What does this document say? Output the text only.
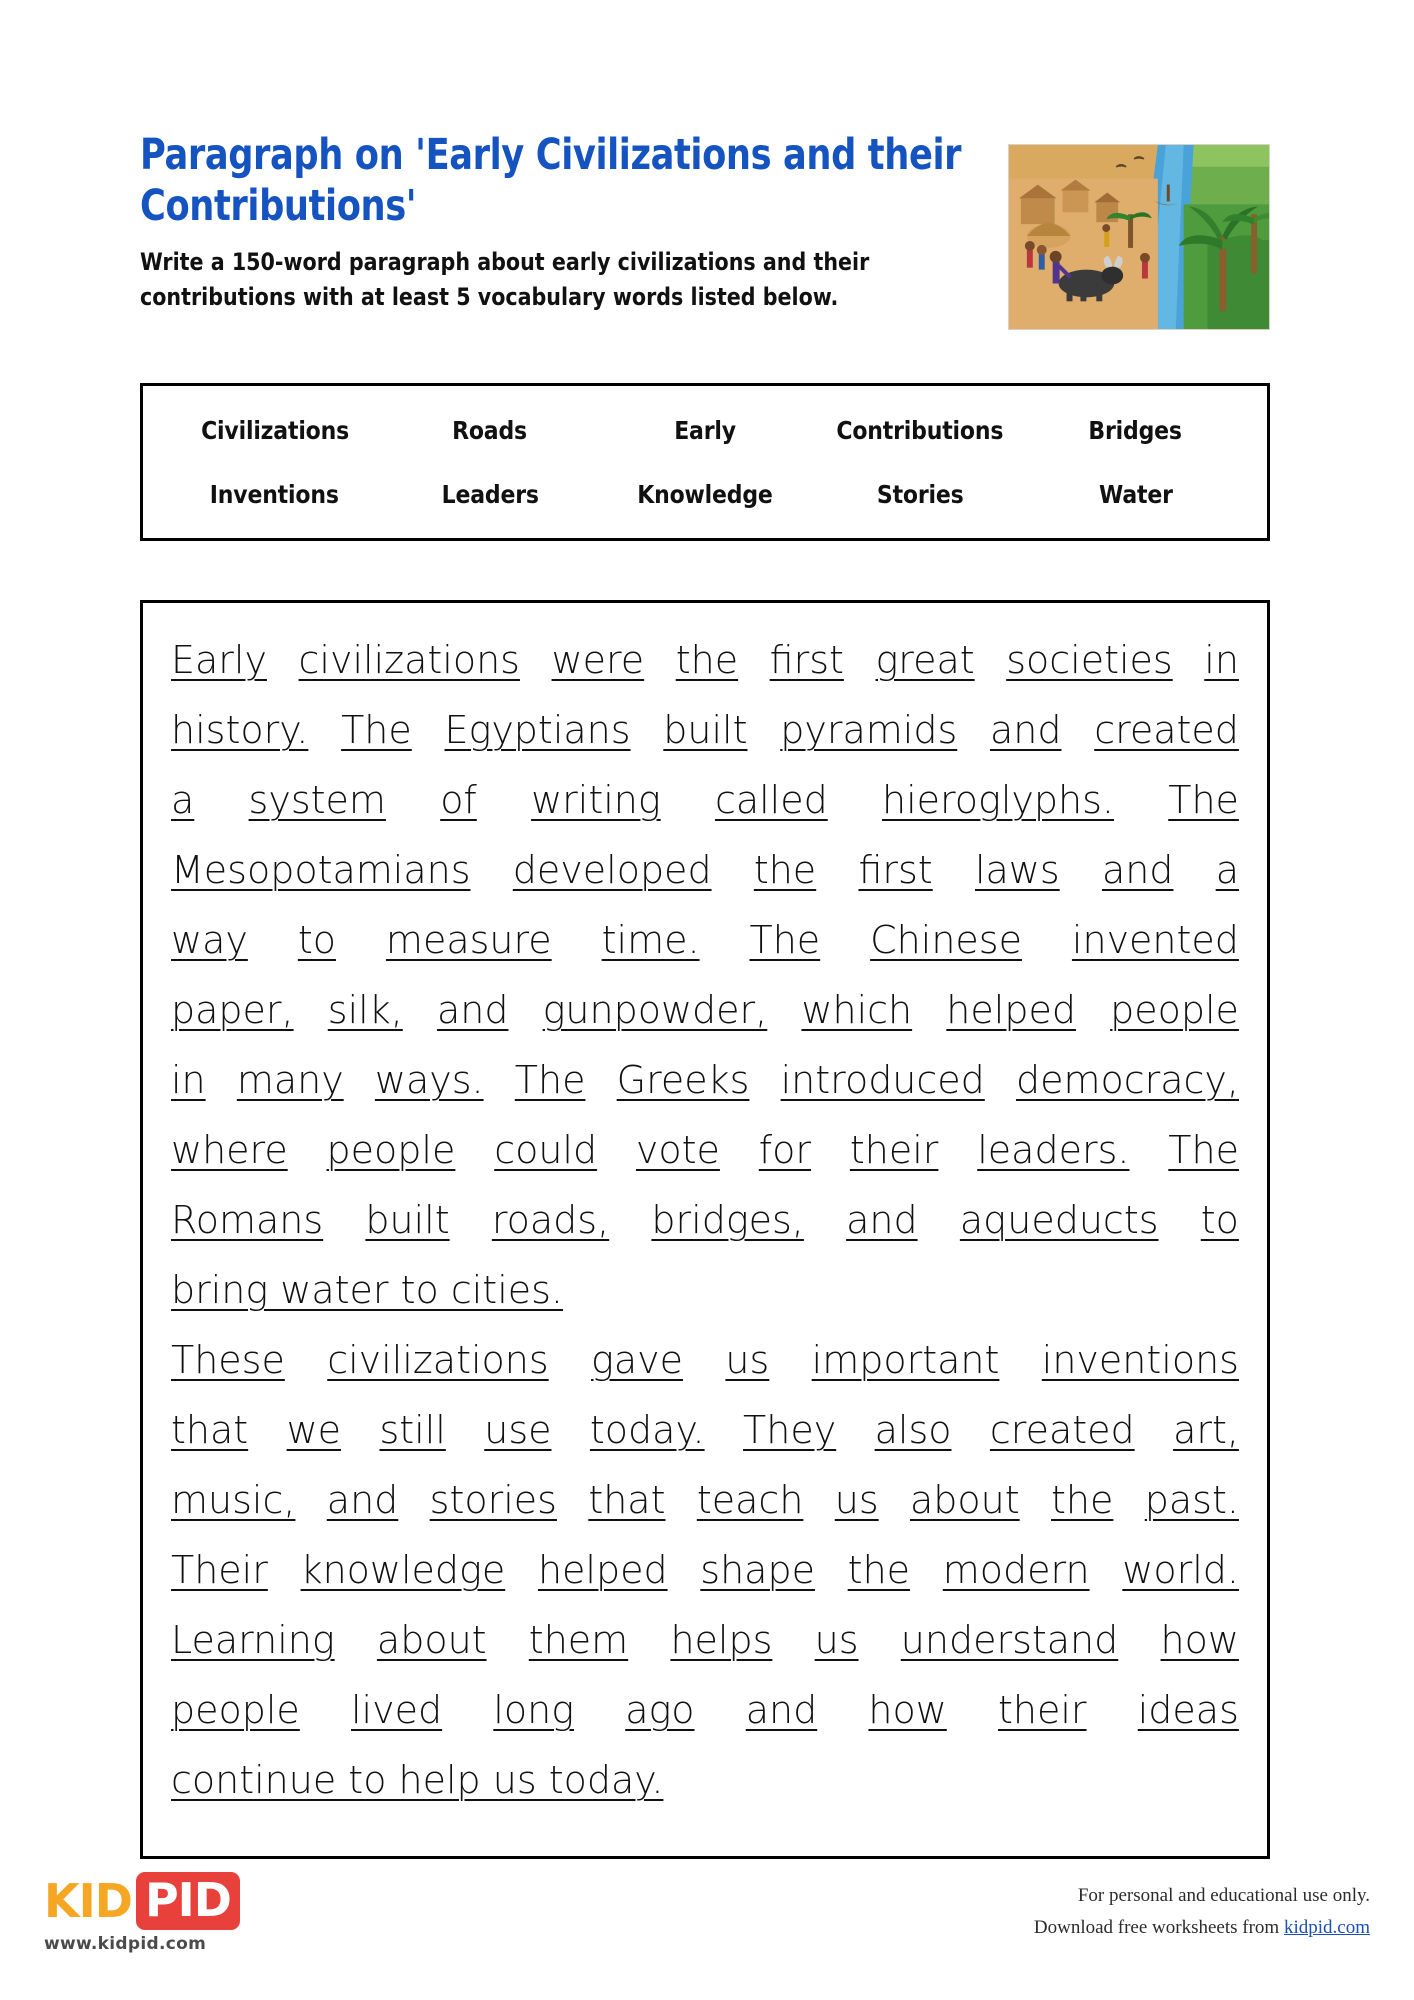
Paragraph on 'Early Civilizations and their Contributions'
Write a 150-word paragraph about early civilizations and their
contributions with at least 5 vocabulary words listed below.
Civilizations	Roads	Early	Contributions	Bridges
Inventions	Leaders	Knowledge	Stories	Water
Early civilizations were the first great societies in
history. The Egyptians built pyramids and created
a system of writing called hieroglyphs. The
Mesopotamians developed the first laws and a
way to measure time. The Chinese invented
paper, silk, and gunpowder, which helped people
in many ways. The Greeks introduced democracy,
where people could vote for their leaders. The
Romans built roads, bridges, and aqueducts to
bring water to cities.
These civilizations gave us important inventions
that we still use today. They also created art,
music, and stories that teach us about the past.
Their knowledge helped shape the modern world.
Learning about them helps us understand how
people lived long ago and how their ideas
continue to help us today.
KID PID
www.kidpid.com
For personal and educational use only.
Download free worksheets from kidpid.com
